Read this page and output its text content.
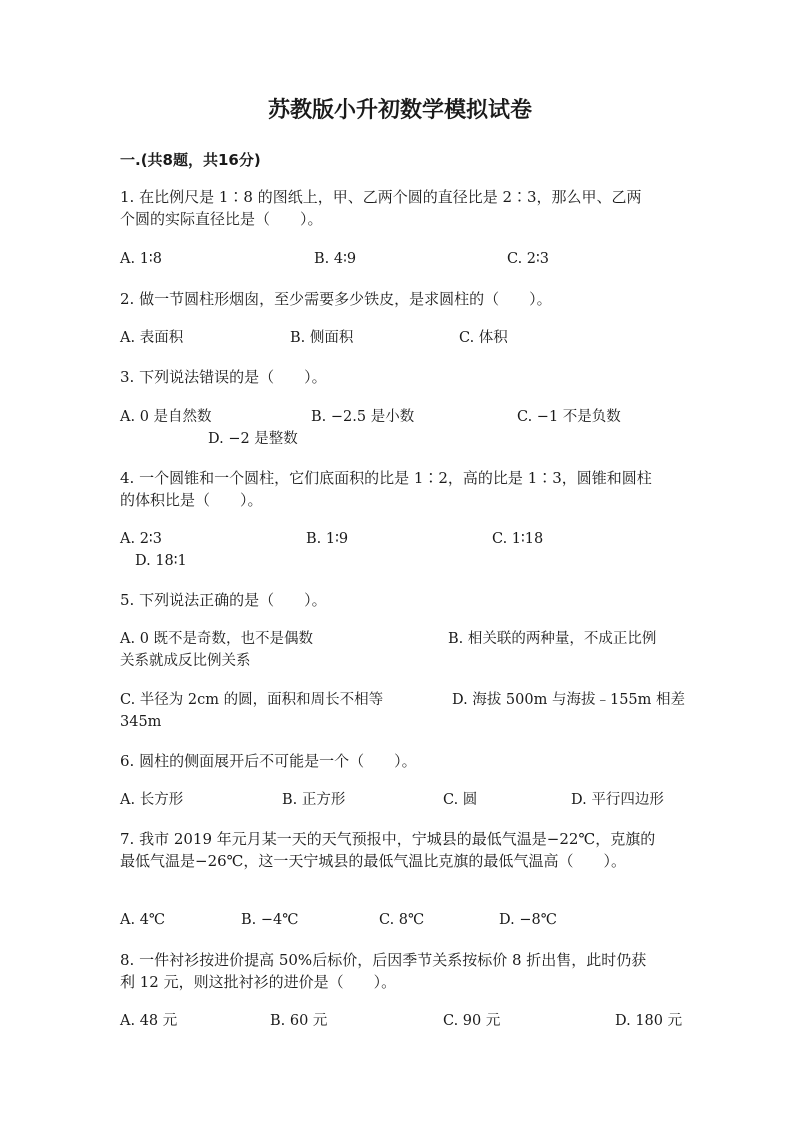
苏教版小升初数学模拟试卷
一.(共8题，共16分)
1. 在比例尺是 1∶8 的图纸上，甲、乙两个圆的直径比是 2∶3，那么甲、乙两
个圆的实际直径比是（　　）。
A. 1∶8	B. 4∶9	C. 2∶3
2. 做一节圆柱形烟囱，至少需要多少铁皮，是求圆柱的（　　）。
A. 表面积	B. 侧面积	C. 体积
3. 下列说法错误的是（　　）。
A. 0 是自然数	B. −2.5 是小数	C. −1 不是负数
D. −2 是整数
4. 一个圆锥和一个圆柱，它们底面积的比是 1∶2，高的比是 1∶3，圆锥和圆柱
的体积比是（　　）。
A. 2∶3	B. 1∶9	C. 1∶18
D. 18∶1
5. 下列说法正确的是（　　）。
A. 0 既不是奇数，也不是偶数	B. 相关联的两种量，不成正比例
关系就成反比例关系
C. 半径为 2cm 的圆，面积和周长不相等	D. 海拔 500m 与海拔﹣155m 相差
345m
6. 圆柱的侧面展开后不可能是一个（　　）。
A. 长方形	B. 正方形	C. 圆	D. 平行四边形
7. 我市 2019 年元月某一天的天气预报中，宁城县的最低气温是−22℃，克旗的
最低气温是−26℃，这一天宁城县的最低气温比克旗的最低气温高（　　）。
A. 4℃	B. −4℃	C. 8℃	D. −8℃
8. 一件衬衫按进价提高 50%后标价，后因季节关系按标价 8 折出售，此时仍获
利 12 元，则这批衬衫的进价是（　　）。
A. 48 元	B. 60 元	C. 90 元	D. 180 元
